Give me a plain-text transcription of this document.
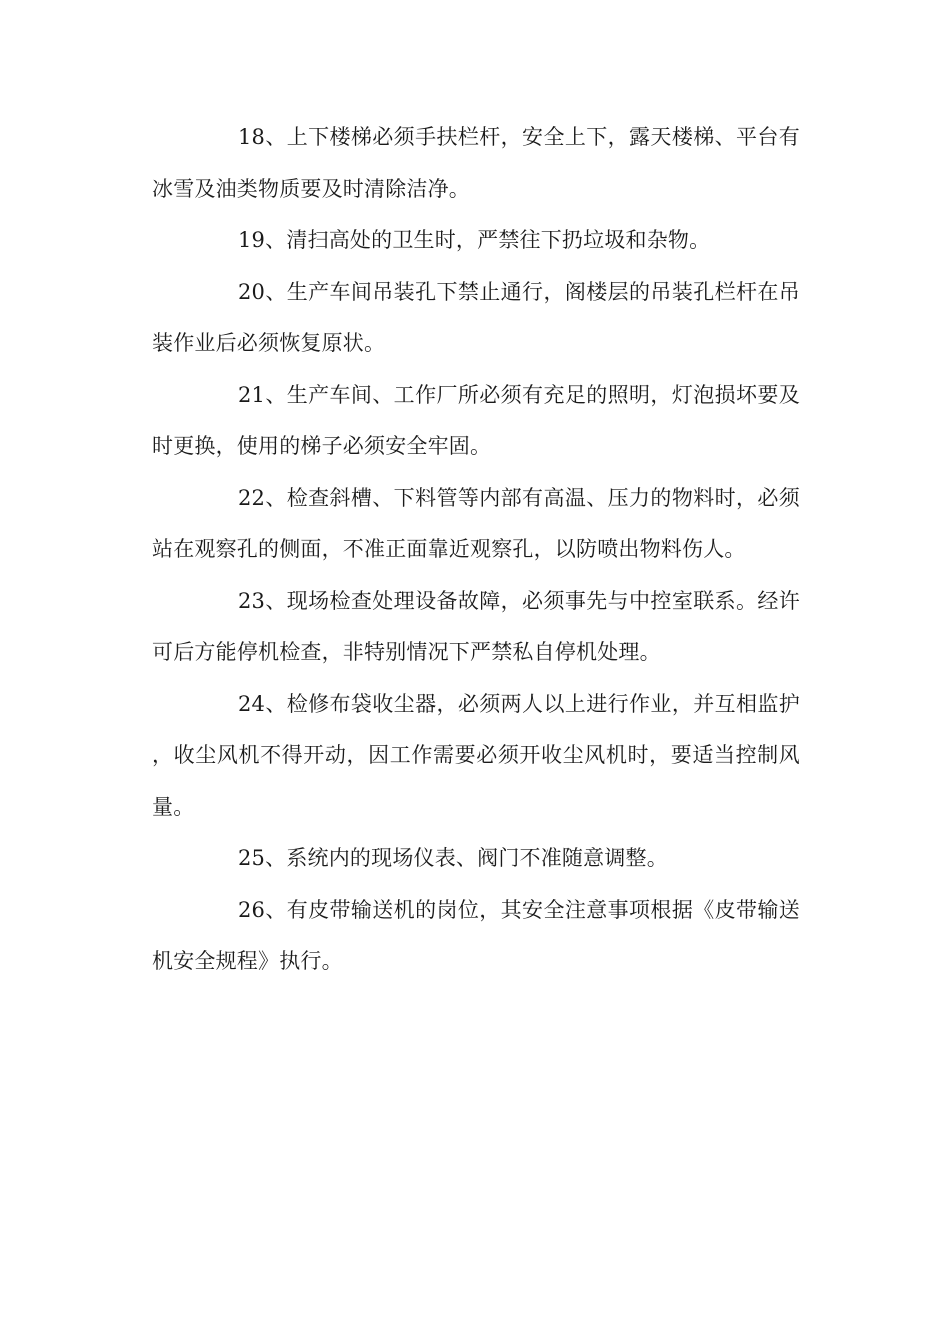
18、上下楼梯必须手扶栏杆，安全上下，露天楼梯、平台有冰雪及油类物质要及时清除洁净。

19、清扫高处的卫生时，严禁往下扔垃圾和杂物。

20、生产车间吊装孔下禁止通行，阁楼层的吊装孔栏杆在吊装作业后必须恢复原状。

21、生产车间、工作厂所必须有充足的照明，灯泡损坏要及时更换，使用的梯子必须安全牢固。

22、检查斜槽、下料管等内部有高温、压力的物料时，必须站在观察孔的侧面，不准正面靠近观察孔，以防喷出物料伤人。

23、现场检查处理设备故障，必须事先与中控室联系。经许可后方能停机检查，非特别情况下严禁私自停机处理。

24、检修布袋收尘器，必须两人以上进行作业，并互相监护，收尘风机不得开动，因工作需要必须开收尘风机时，要适当控制风量。

25、系统内的现场仪表、阀门不准随意调整。

26、有皮带输送机的岗位，其安全注意事项根据《皮带输送机安全规程》执行。
